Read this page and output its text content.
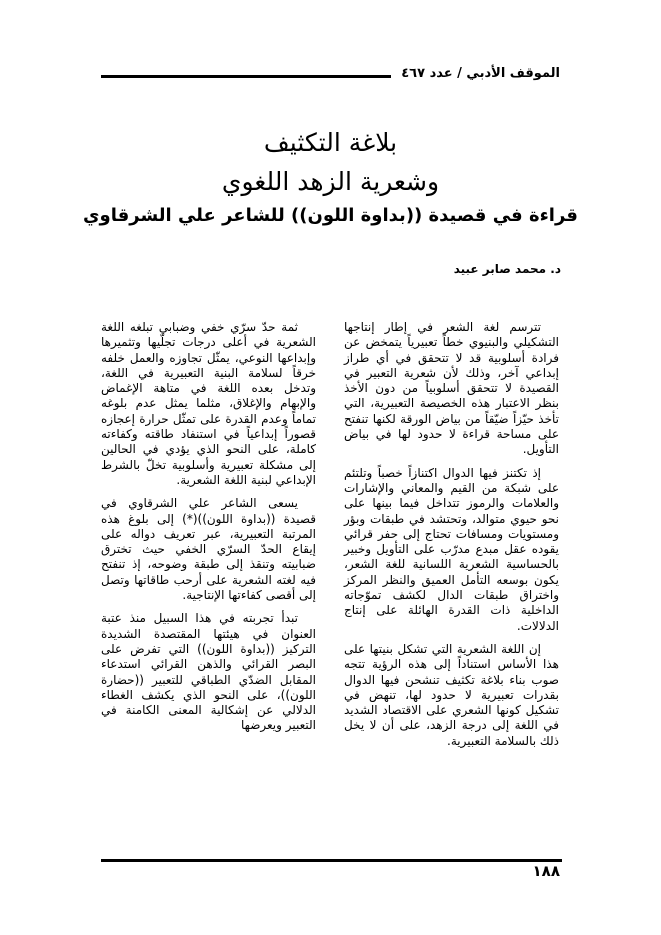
الموقف الأدبي / عدد ٤٦٧
بلاغة التكثيف
وشعرية الزهد اللغوي
قراءة في قصيدة ((بداوة اللون)) للشاعر علي الشرقاوي
د. محمد صابر عبيد

تترسم لغة الشعر في إطار إنتاجها التشكيلي والبنيوي خطاً تعبيرياً يتمخض عن فرادة أسلوبية قد لا تتحقق في أي طراز إبداعي آخر، وذلك لأن شعرية التعبير في القصيدة لا تتحقق أسلوبياً من دون الأخذ بنظر الاعتبار هذه الخصيصة التعبيرية، التي تأخذ حيّزاً ضيّقاً من بياض الورقة لكنها تنفتح على مساحة قراءة لا حدود لها في بياض التأويل.

إذ تكتنز فيها الدوال اكتنازاً خصباً وتلتئم على شبكة من القيم والمعاني والإشارات والعلامات والرموز تتداخل فيما بينها على نحو حيوي متوالد، وتحتشد في طبقات وبؤر ومستويات ومسافات تحتاج إلى حفر قرائي يقوده عقل مبدع مدرّب على التأويل وخبير بالحساسية الشعرية اللسانية للغة الشعر، يكون بوسعه التأمل العميق والنظر المركز واختراق طبقات الدال لكشف تموّجاته الداخلية ذات القدرة الهائلة على إنتاج الدلالات.

إن اللغة الشعرية التي تشكل بنيتها على هذا الأساس استناداً إلى هذه الرؤية تتجه صوب بناء بلاغة تكثيف تنشحن فيها الدوال بقدرات تعبيرية لا حدود لها، تنهض في تشكيل كونها الشعري على الاقتصاد الشديد في اللغة إلى درجة الزهد، على أن لا يخل ذلك بالسلامة التعبيرية.

ثمة حدّ سرّي خفي وضبابي تبلغه اللغة الشعرية في أعلى درجات تجلّيها وتثميرها وإبداعها النوعي، يمثّل تجاوزه والعمل خلفه خرقاً لسلامة البنية التعبيرية في اللغة، وتدخل بعده اللغة في متاهة الإغماض والإبهام والإغلاق، مثلما يمثل عدم بلوغه تماماً وعدم القدرة على تمثّل حرارة إعجازه قصوراً إبداعياً في استنفاد طاقته وكفاءته كاملة، على النحو الذي يؤدي في الحالين إلى مشكلة تعبيرية وأسلوبية تخلّ بالشرط الإبداعي لبنية اللغة الشعرية.

يسعى الشاعر علي الشرقاوي في قصيدة ((بداوة اللون))(*) إلى بلوغ هذه المرتبة التعبيرية، عبر تعريف دواله على إيقاع الحدّ السرّي الخفي حيث تخترق ضبابيته وتنقذ إلى طبقة وضوحه، إذ تنفتح فيه لغته الشعرية على أرحب طاقاتها وتصل إلى أقصى كفاءتها الإنتاجية.

تبدأ تجربته في هذا السبيل منذ عتبة العنوان في هيئتها المقتصدة الشديدة التركيز ((بداوة اللون)) التي تفرض على البصر القرائي والذهن القرائي استدعاء المقابل الضدّي الطباقي للتعبير ((حضارة اللون))، على النحو الذي يكشف الغطاء الدلالي عن إشكالية المعنى الكامنة في التعبير ويعرضها

١٨٨
